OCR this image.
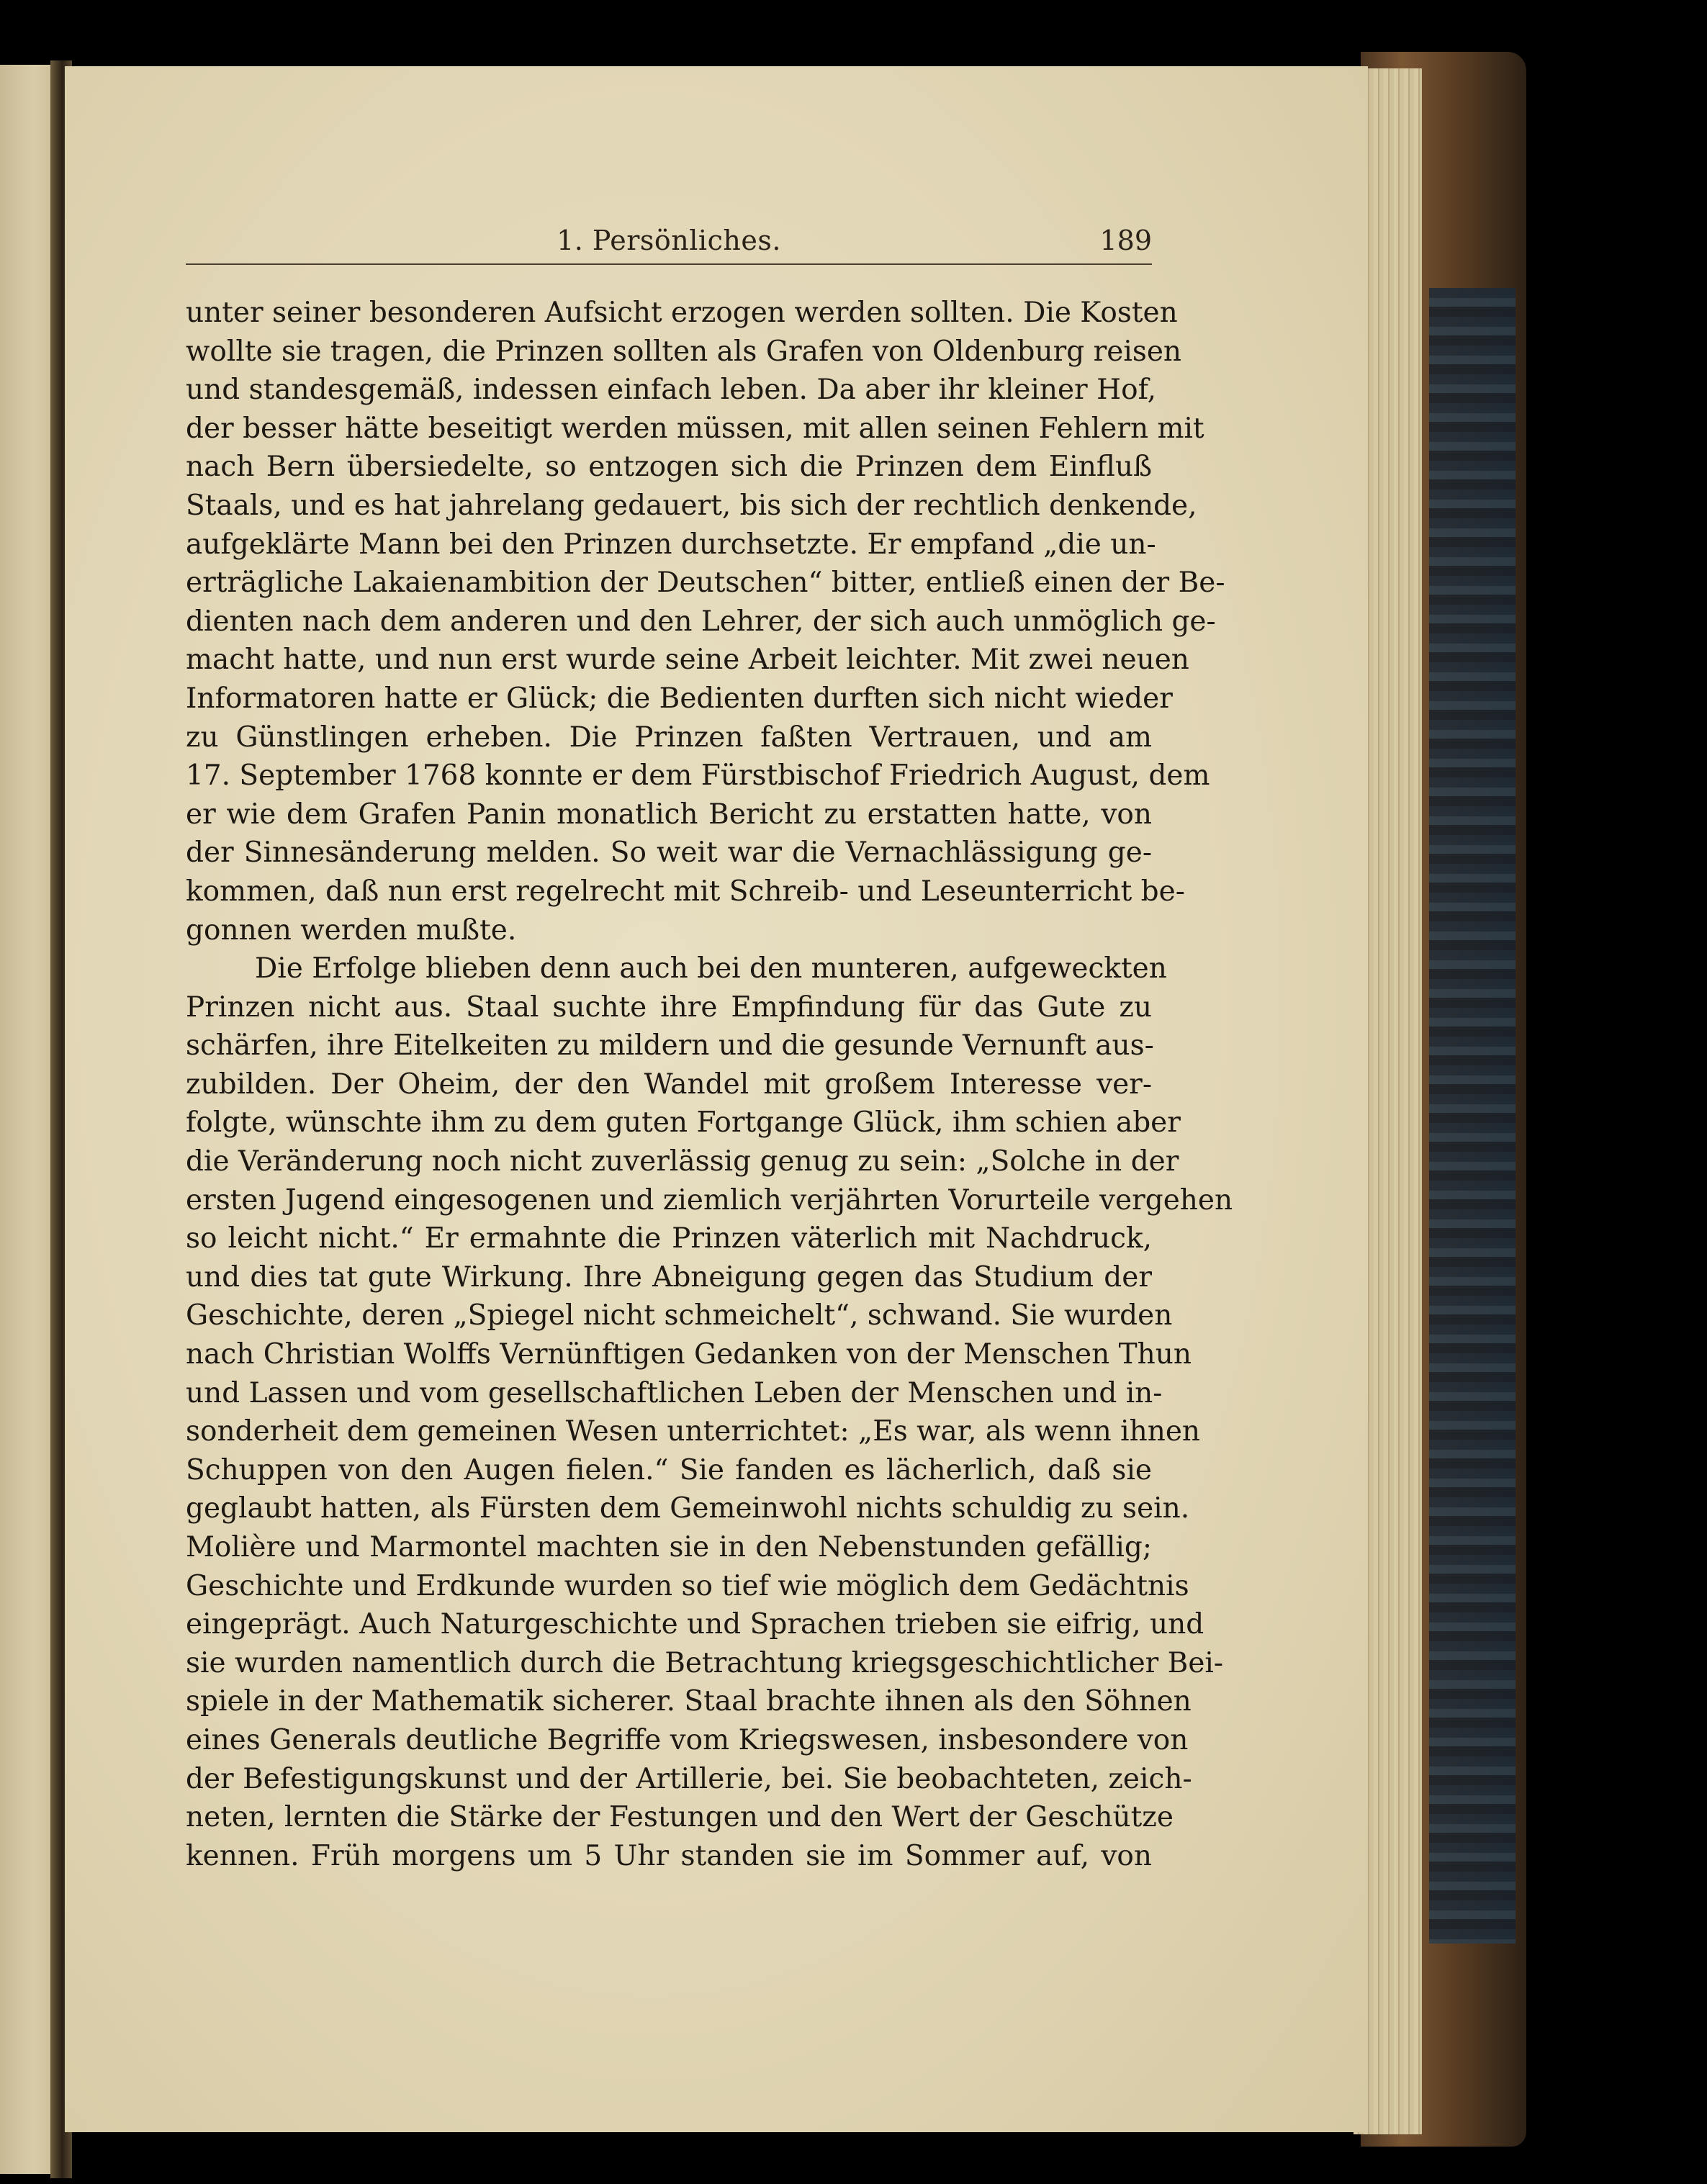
1. Persönliches.	189
unter seiner besonderen Aufsicht erzogen werden sollten. Die Kosten
wollte sie tragen, die Prinzen sollten als Grafen von Oldenburg reisen
und standesgemäß, indessen einfach leben. Da aber ihr kleiner Hof,
der besser hätte beseitigt werden müssen, mit allen seinen Fehlern mit
nach Bern übersiedelte, so entzogen sich die Prinzen dem Einfluß
Staals, und es hat jahrelang gedauert, bis sich der rechtlich denkende,
aufgeklärte Mann bei den Prinzen durchsetzte. Er empfand „die un-
erträgliche Lakaienambition der Deutschen“ bitter, entließ einen der Be-
dienten nach dem anderen und den Lehrer, der sich auch unmöglich ge-
macht hatte, und nun erst wurde seine Arbeit leichter. Mit zwei neuen
Informatoren hatte er Glück; die Bedienten durften sich nicht wieder
zu Günstlingen erheben. Die Prinzen faßten Vertrauen, und am
17. September 1768 konnte er dem Fürstbischof Friedrich August, dem
er wie dem Grafen Panin monatlich Bericht zu erstatten hatte, von
der Sinnesänderung melden. So weit war die Vernachlässigung ge-
kommen, daß nun erst regelrecht mit Schreib- und Leseunterricht be-
gonnen werden mußte.
Die Erfolge blieben denn auch bei den munteren, aufgeweckten
Prinzen nicht aus. Staal suchte ihre Empfindung für das Gute zu
schärfen, ihre Eitelkeiten zu mildern und die gesunde Vernunft aus-
zubilden. Der Oheim, der den Wandel mit großem Interesse ver-
folgte, wünschte ihm zu dem guten Fortgange Glück, ihm schien aber
die Veränderung noch nicht zuverlässig genug zu sein: „Solche in der
ersten Jugend eingesogenen und ziemlich verjährten Vorurteile vergehen
so leicht nicht.“ Er ermahnte die Prinzen väterlich mit Nachdruck,
und dies tat gute Wirkung. Ihre Abneigung gegen das Studium der
Geschichte, deren „Spiegel nicht schmeichelt“, schwand. Sie wurden
nach Christian Wolffs Vernünftigen Gedanken von der Menschen Thun
und Lassen und vom gesellschaftlichen Leben der Menschen und in-
sonderheit dem gemeinen Wesen unterrichtet: „Es war, als wenn ihnen
Schuppen von den Augen fielen.“ Sie fanden es lächerlich, daß sie
geglaubt hatten, als Fürsten dem Gemeinwohl nichts schuldig zu sein.
Molière und Marmontel machten sie in den Nebenstunden gefällig;
Geschichte und Erdkunde wurden so tief wie möglich dem Gedächtnis
eingeprägt. Auch Naturgeschichte und Sprachen trieben sie eifrig, und
sie wurden namentlich durch die Betrachtung kriegsgeschichtlicher Bei-
spiele in der Mathematik sicherer. Staal brachte ihnen als den Söhnen
eines Generals deutliche Begriffe vom Kriegswesen, insbesondere von
der Befestigungskunst und der Artillerie, bei. Sie beobachteten, zeich-
neten, lernten die Stärke der Festungen und den Wert der Geschütze
kennen. Früh morgens um 5 Uhr standen sie im Sommer auf, von
